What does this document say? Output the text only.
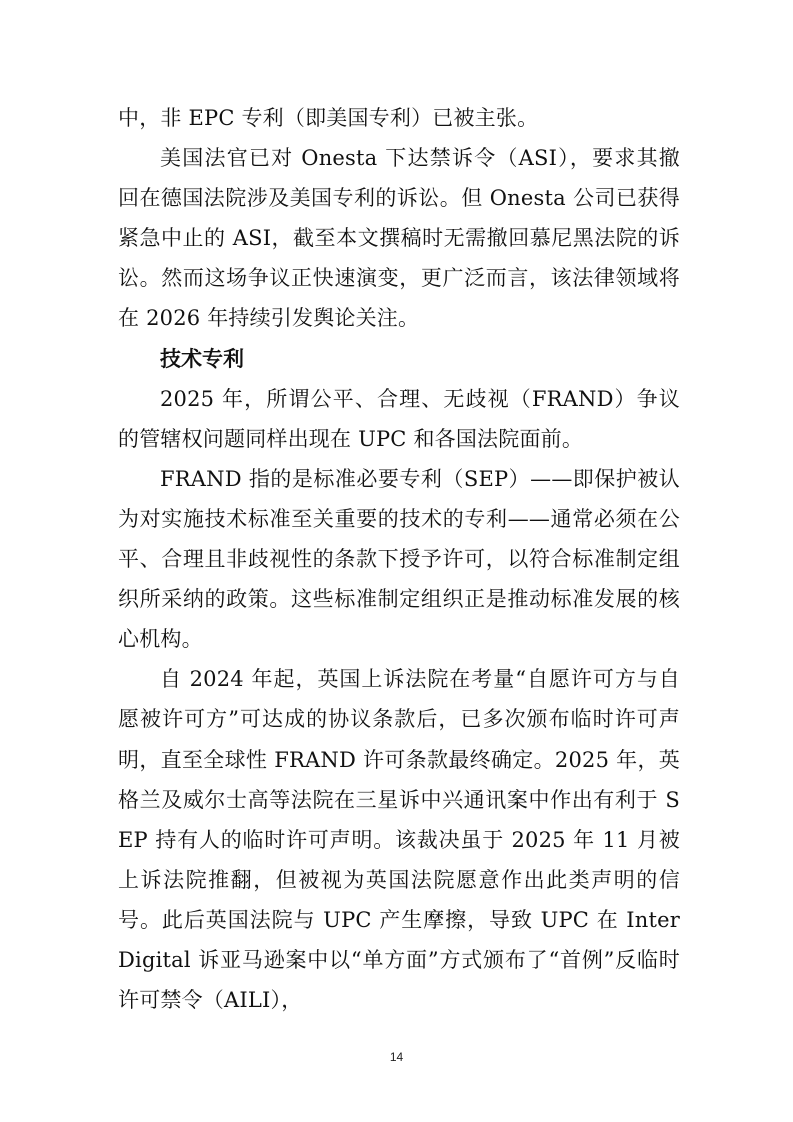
中，非 EPC 专利（即美国专利）已被主张。

美国法官已对 Onesta 下达禁诉令（ASI），要求其撤回在德国法院涉及美国专利的诉讼。但 Onesta 公司已获得紧急中止的 ASI，截至本文撰稿时无需撤回慕尼黑法院的诉讼。然而这场争议正快速演变，更广泛而言，该法律领域将在 2026 年持续引发舆论关注。

技术专利

2025 年，所谓公平、合理、无歧视（FRAND）争议的管辖权问题同样出现在 UPC 和各国法院面前。

FRAND 指的是标准必要专利（SEP）——即保护被认为对实施技术标准至关重要的技术的专利——通常必须在公平、合理且非歧视性的条款下授予许可，以符合标准制定组织所采纳的政策。这些标准制定组织正是推动标准发展的核心机构。

自 2024 年起，英国上诉法院在考量“自愿许可方与自愿被许可方”可达成的协议条款后，已多次颁布临时许可声明，直至全球性 FRAND 许可条款最终确定。2025 年，英格兰及威尔士高等法院在三星诉中兴通讯案中作出有利于 SEP 持有人的临时许可声明。该裁决虽于 2025 年 11 月被上诉法院推翻，但被视为英国法院愿意作出此类声明的信号。此后英国法院与 UPC 产生摩擦，导致 UPC 在 InterDigital 诉亚马逊案中以“单方面”方式颁布了“首例”反临时许可禁令（AILI），

14
